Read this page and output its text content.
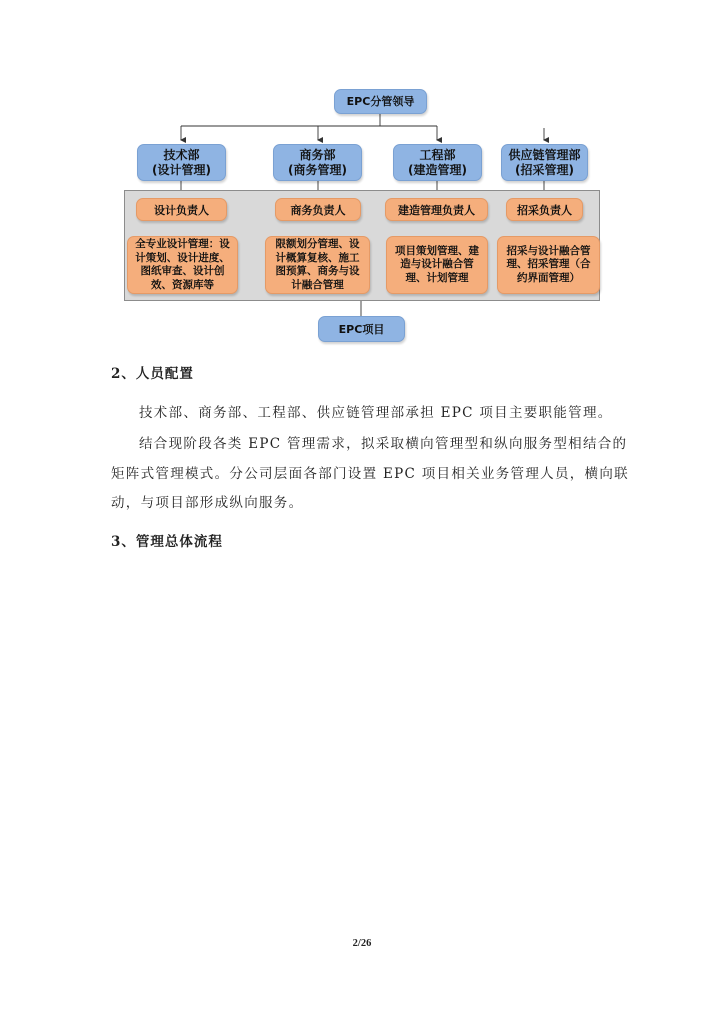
EPC分管领导
技术部
(设计管理)
商务部
(商务管理)
工程部
(建造管理)
供应链管理部
(招采管理)
设计负责人	商务负责人	建造管理负责人	招采负责人
全专业设计管理：设计策划、设计进度、图纸审查、设计创效、资源库等
限额划分管理、设计概算复核、施工图预算、商务与设计融合管理
项目策划管理、建造与设计融合管理、计划管理
招采与设计融合管理、招采管理（合约界面管理）
EPC项目
2、人员配置
技术部、商务部、工程部、供应链管理部承担 EPC 项目主要职能管理。
结合现阶段各类 EPC 管理需求，拟采取横向管理型和纵向服务型相结合的
矩阵式管理模式。分公司层面各部门设置 EPC 项目相关业务管理人员，横向联
动，与项目部形成纵向服务。
3、管理总体流程
2/26
